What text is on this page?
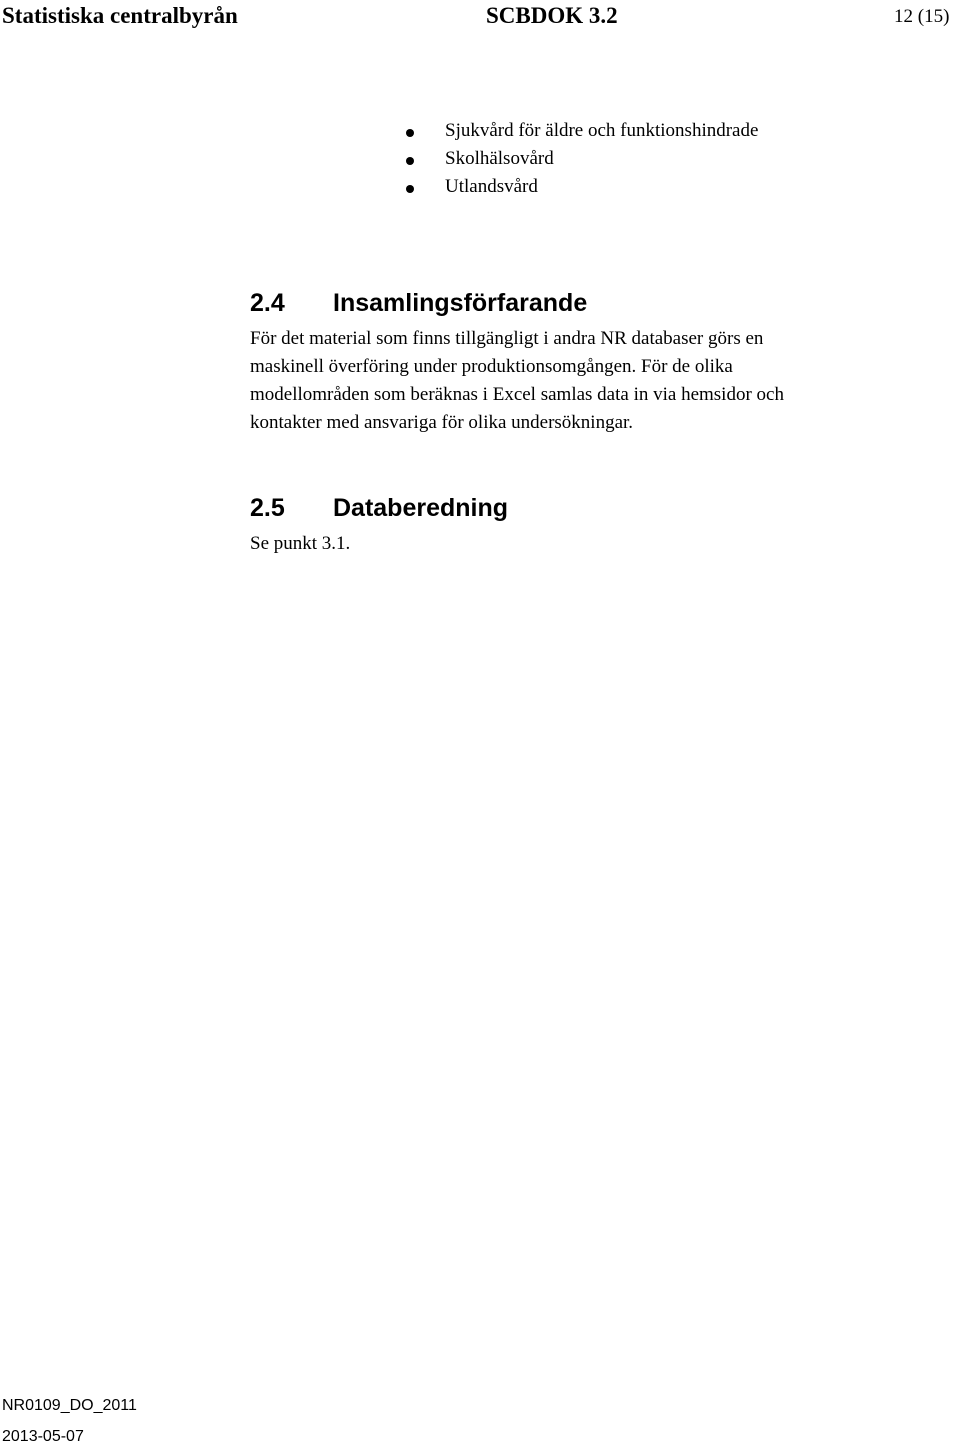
Statistiska centralbyrån	SCBDOK 3.2	12 (15)
Sjukvård för äldre och funktionshindrade
Skolhälsovård
Utlandsvård
2.4 Insamlingsförfarande
För det material som finns tillgängligt i andra NR databaser görs en
maskinell överföring under produktionsomgången. För de olika
modellområden som beräknas i Excel samlas data in via hemsidor och
kontakter med ansvariga för olika undersökningar.
2.5 Databeredning
Se punkt 3.1.
NR0109_DO_2011
2013-05-07
